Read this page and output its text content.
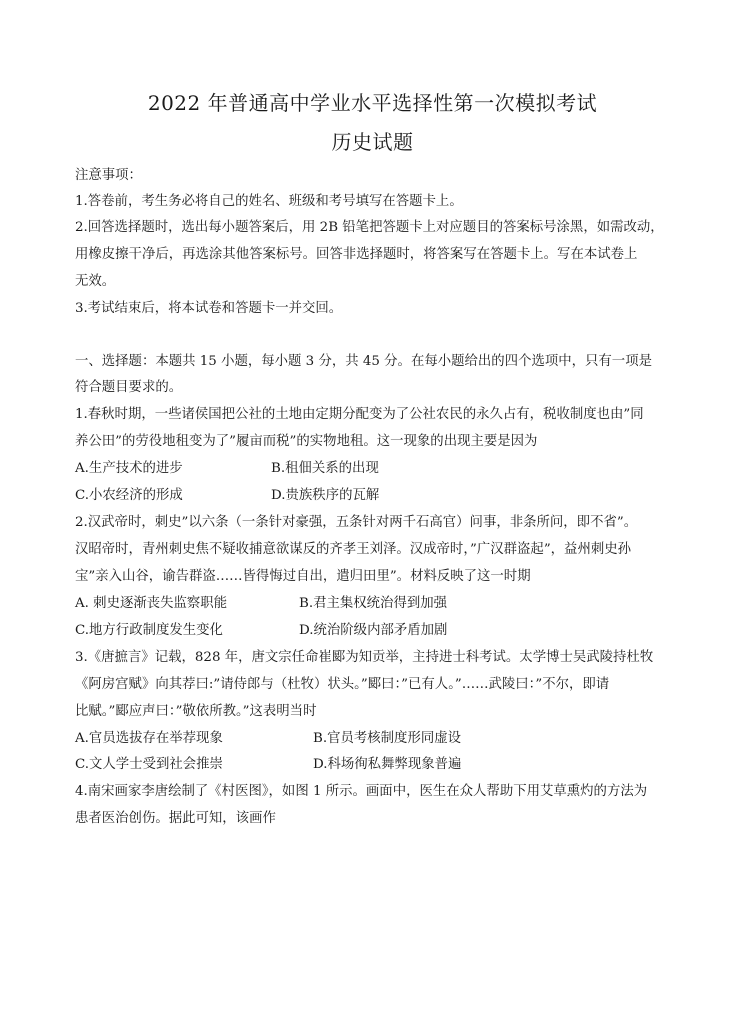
2022 年普通高中学业水平选择性第一次模拟考试
历史试题
注意事项：
1.答卷前，考生务必将自己的姓名、班级和考号填写在答题卡上。
2.回答选择题时，选出每小题答案后，用 2B 铅笔把答题卡上对应题目的答案标号涂黑，如需改动，
用橡皮擦干净后，再选涂其他答案标号。回答非选择题时，将答案写在答题卡上。写在本试卷上
无效。
3.考试结束后，将本试卷和答题卡一并交回。
一、选择题：本题共 15 小题，每小题 3 分，共 45 分。在每小题给出的四个选项中，只有一项是
符合题目要求的。
1.春秋时期，一些诸侯国把公社的土地由定期分配变为了公社农民的永久占有，税收制度也由”同
养公田”的劳役地租变为了”履亩而税”的实物地租。这一现象的出现主要是因为
A.生产技术的进步	B.租佃关系的出现
C.小农经济的形成	D.贵族秩序的瓦解
2.汉武帝时，刺史”以六条（一条针对豪强，五条针对两千石高官）问事，非条所问，即不省”。
汉昭帝时，青州刺史焦不疑收捕意欲谋反的齐孝王刘泽。汉成帝时，”广汉群盗起”，益州刺史孙
宝”亲入山谷，谕告群盗……皆得悔过自出，遣归田里”。材料反映了这一时期
A. 刺史逐渐丧失监察职能	B.君主集权统治得到加强
C.地方行政制度发生变化	D.统治阶级内部矛盾加剧
3.《唐摭言》记载，828 年，唐文宗任命崔郾为知贡举，主持进士科考试。太学博士吴武陵持杜牧
《阿房宫赋》向其荐曰:”请侍郎与（杜牧）状头。”郾曰：”已有人。”……武陵曰：”不尔，即请
比赋。”郾应声曰：”敬依所教。”这表明当时
A.官员选拔存在举荐现象	B.官员考核制度形同虚设
C.文人学士受到社会推崇	D.科场徇私舞弊现象普遍
4.南宋画家李唐绘制了《村医图》，如图 1 所示。画面中，医生在众人帮助下用艾草熏灼的方法为
患者医治创伤。据此可知，该画作
